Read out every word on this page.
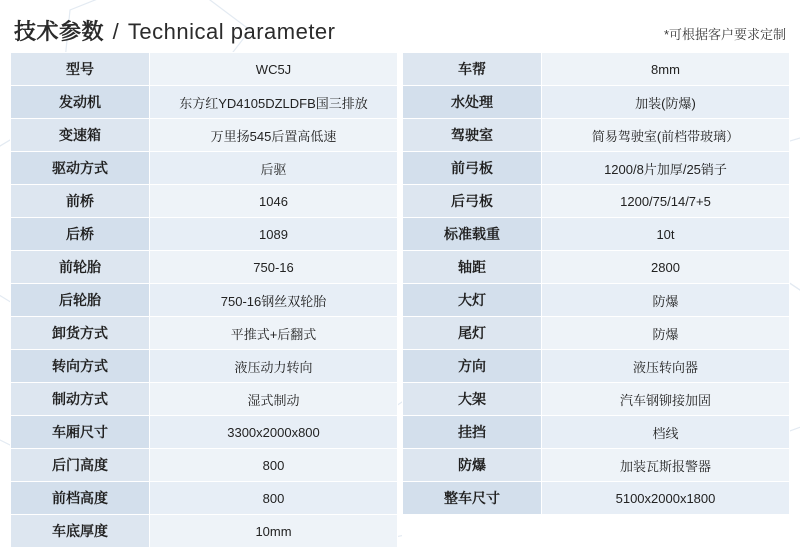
技术参数 / Technical parameter	*可根据客户要求定制
型号	WC5J
发动机	东方红YD4105DZLDFB国三排放
变速箱	万里扬545后置高低速
驱动方式	后驱
前桥	1046
后桥	1089
前轮胎	750-16
后轮胎	750-16钢丝双轮胎
卸货方式	平推式+后翻式
转向方式	液压动力转向
制动方式	湿式制动
车厢尺寸	3300x2000x800
后门高度	800
前档高度	800
车底厚度	10mm
车帮	8mm
水处理	加装(防爆)
驾驶室	简易驾驶室(前档带玻璃）
前弓板	1200/8片加厚/25销子
后弓板	1200/75/14/7+5
标准载重	10t
轴距	2800
大灯	防爆
尾灯	防爆
方向	液压转向器
大架	汽车钢铆接加固
挂挡	档线
防爆	加装瓦斯报警器
整车尺寸	5100x2000x1800
